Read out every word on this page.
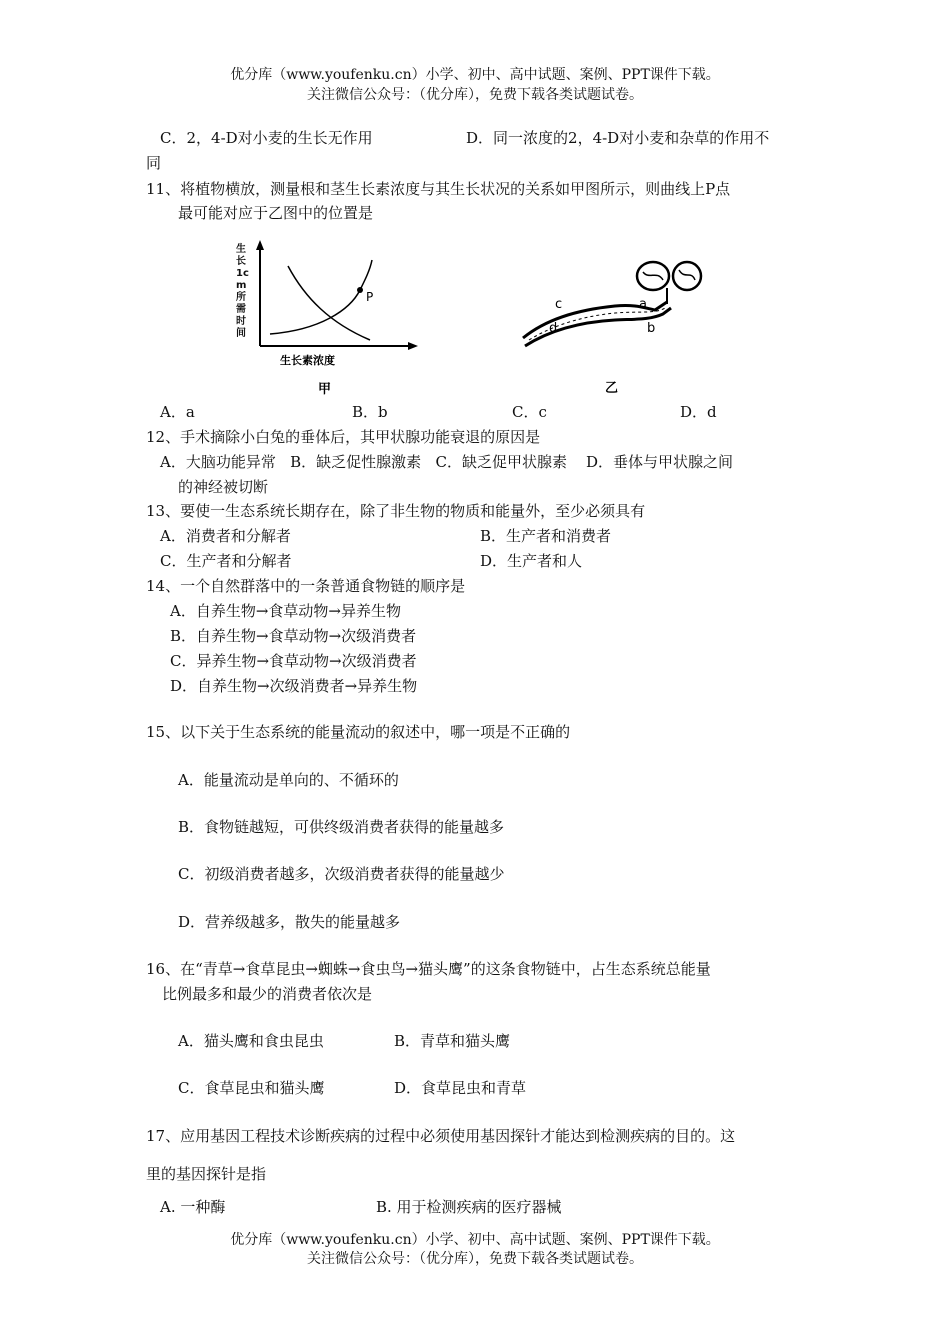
优分库（www.youfenku.cn）小学、初中、高中试题、案例、PPT课件下载。
关注微信公众号：（优分库），免费下载各类试题试卷。
C．2，4-D对小麦的生长无作用	D．同一浓度的2，4-D对小麦和杂草的作用不
同
11、将植物横放，测量根和茎生长素浓度与其生长状况的关系如甲图所示，则曲线上P点
最可能对应于乙图中的位置是
P
生长素浓度
甲
生长1cm所需时间
c	a
d	b
乙
A．a	B．b	C．c	D．d
12、手术摘除小白兔的垂体后，其甲状腺功能衰退的原因是
A．大脑功能异常   B．缺乏促性腺激素   C．缺乏促甲状腺素    D．垂体与甲状腺之间
的神经被切断
13、要使一生态系统长期存在，除了非生物的物质和能量外，至少必须具有
A．消费者和分解者	B．生产者和消费者
C．生产者和分解者	D．生产者和人
14、一个自然群落中的一条普通食物链的顺序是
A．自养生物→食草动物→异养生物
B．自养生物→食草动物→次级消费者
C．异养生物→食草动物→次级消费者
D．自养生物→次级消费者→异养生物
15、以下关于生态系统的能量流动的叙述中，哪一项是不正确的
A．能量流动是单向的、不循环的
B．食物链越短，可供终级消费者获得的能量越多
C．初级消费者越多，次级消费者获得的能量越少
D．营养级越多，散失的能量越多
16、在“青草→食草昆虫→蜘蛛→食虫鸟→猫头鹰”的这条食物链中，占生态系统总能量
比例最多和最少的消费者依次是
A．猫头鹰和食虫昆虫	B．青草和猫头鹰
C．食草昆虫和猫头鹰	D．食草昆虫和青草
17、应用基因工程技术诊断疾病的过程中必须使用基因探针才能达到检测疾病的目的。这
里的基因探针是指
A. 一种酶	B. 用于检测疾病的医疗器械
优分库（www.youfenku.cn）小学、初中、高中试题、案例、PPT课件下载。
关注微信公众号：（优分库），免费下载各类试题试卷。
